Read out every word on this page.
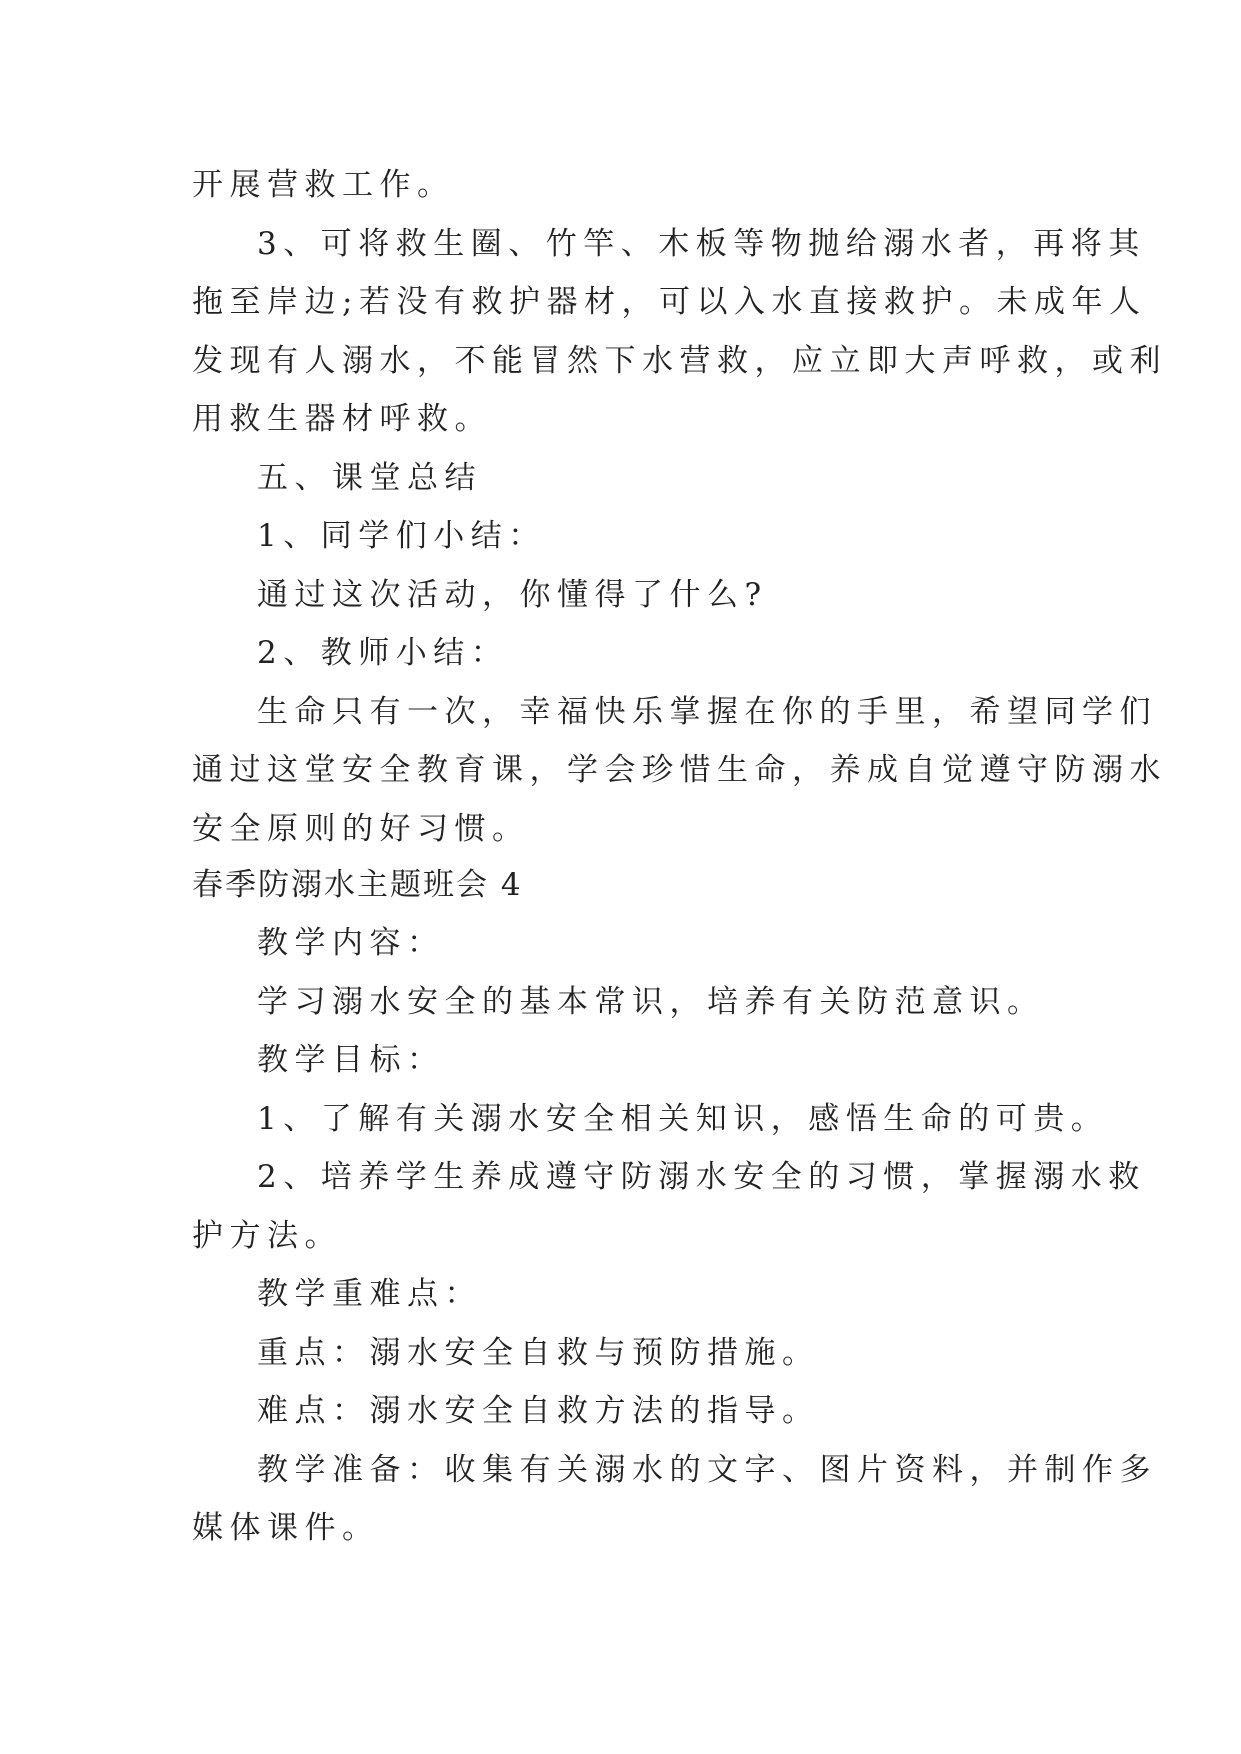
开展营救工作。
3、可将救生圈、竹竿、木板等物抛给溺水者，再将其
拖至岸边;若没有救护器材，可以入水直接救护。未成年人
发现有人溺水，不能冒然下水营救，应立即大声呼救，或利
用救生器材呼救。
五、课堂总结
1、同学们小结：
通过这次活动，你懂得了什么?
2、教师小结：
生命只有一次，幸福快乐掌握在你的手里，希望同学们
通过这堂安全教育课，学会珍惜生命，养成自觉遵守防溺水
安全原则的好习惯。
春季防溺水主题班会 4
教学内容：
学习溺水安全的基本常识，培养有关防范意识。
教学目标：
1、了解有关溺水安全相关知识，感悟生命的可贵。
2、培养学生养成遵守防溺水安全的习惯，掌握溺水救
护方法。
教学重难点：
重点：溺水安全自救与预防措施。
难点：溺水安全自救方法的指导。
教学准备：收集有关溺水的文字、图片资料，并制作多
媒体课件。
